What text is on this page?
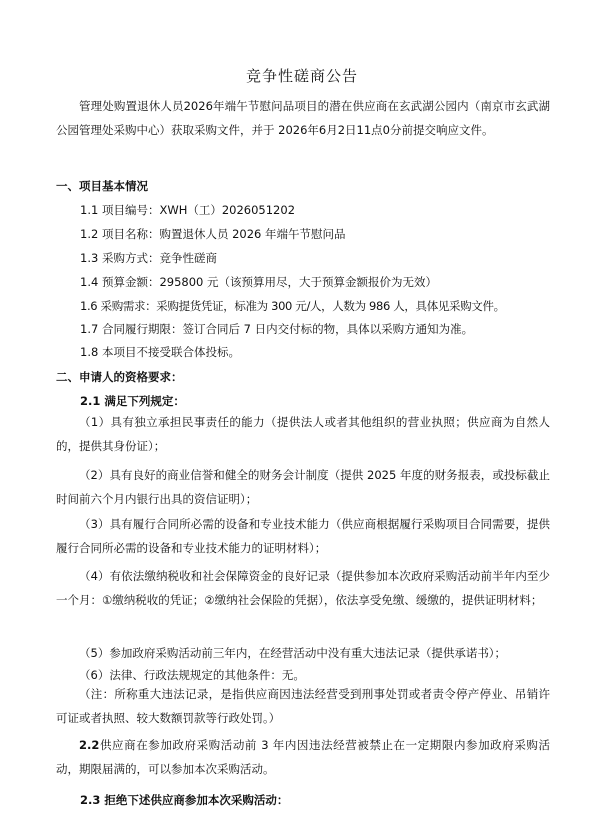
竞争性磋商公告

管理处购置退休人员2026年端午节慰问品项目的潜在供应商在玄武湖公园内（南京市玄武湖公园管理处采购中心）获取采购文件，并于 2026年6月2日11点0分前提交响应文件。

一、项目基本情况
1.1 项目编号：XWH（工）2026051202
1.2 项目名称：购置退休人员 2026 年端午节慰问品
1.3 采购方式：竞争性磋商
1.4 预算金额：295800 元（该预算用尽，大于预算金额报价为无效）
1.6 采购需求：采购提货凭证，标准为 300 元/人，人数为 986 人，具体见采购文件。
1.7 合同履行期限：签订合同后 7 日内交付标的物，具体以采购方通知为准。
1.8 本项目不接受联合体投标。
二、申请人的资格要求：
2.1 满足下列规定：

（1）具有独立承担民事责任的能力（提供法人或者其他组织的营业执照；供应商为自然人的，提供其身份证）；

（2）具有良好的商业信誉和健全的财务会计制度（提供 2025 年度的财务报表，或投标截止时间前六个月内银行出具的资信证明）；

（3）具有履行合同所必需的设备和专业技术能力（供应商根据履行采购项目合同需要，提供履行合同所必需的设备和专业技术能力的证明材料）；

（4）有依法缴纳税收和社会保障资金的良好记录（提供参加本次政府采购活动前半年内至少一个月：①缴纳税收的凭证；②缴纳社会保险的凭据），依法享受免缴、缓缴的，提供证明材料；

（5）参加政府采购活动前三年内，在经营活动中没有重大违法记录（提供承诺书）；

（6）法律、行政法规规定的其他条件：无。

（注：所称重大违法记录，是指供应商因违法经营受到刑事处罚或者责令停产停业、吊销许可证或者执照、较大数额罚款等行政处罚。）

2.2供应商在参加政府采购活动前 3 年内因违法经营被禁止在一定期限内参加政府采购活动，期限届满的，可以参加本次采购活动。

2.3 拒绝下述供应商参加本次采购活动：
